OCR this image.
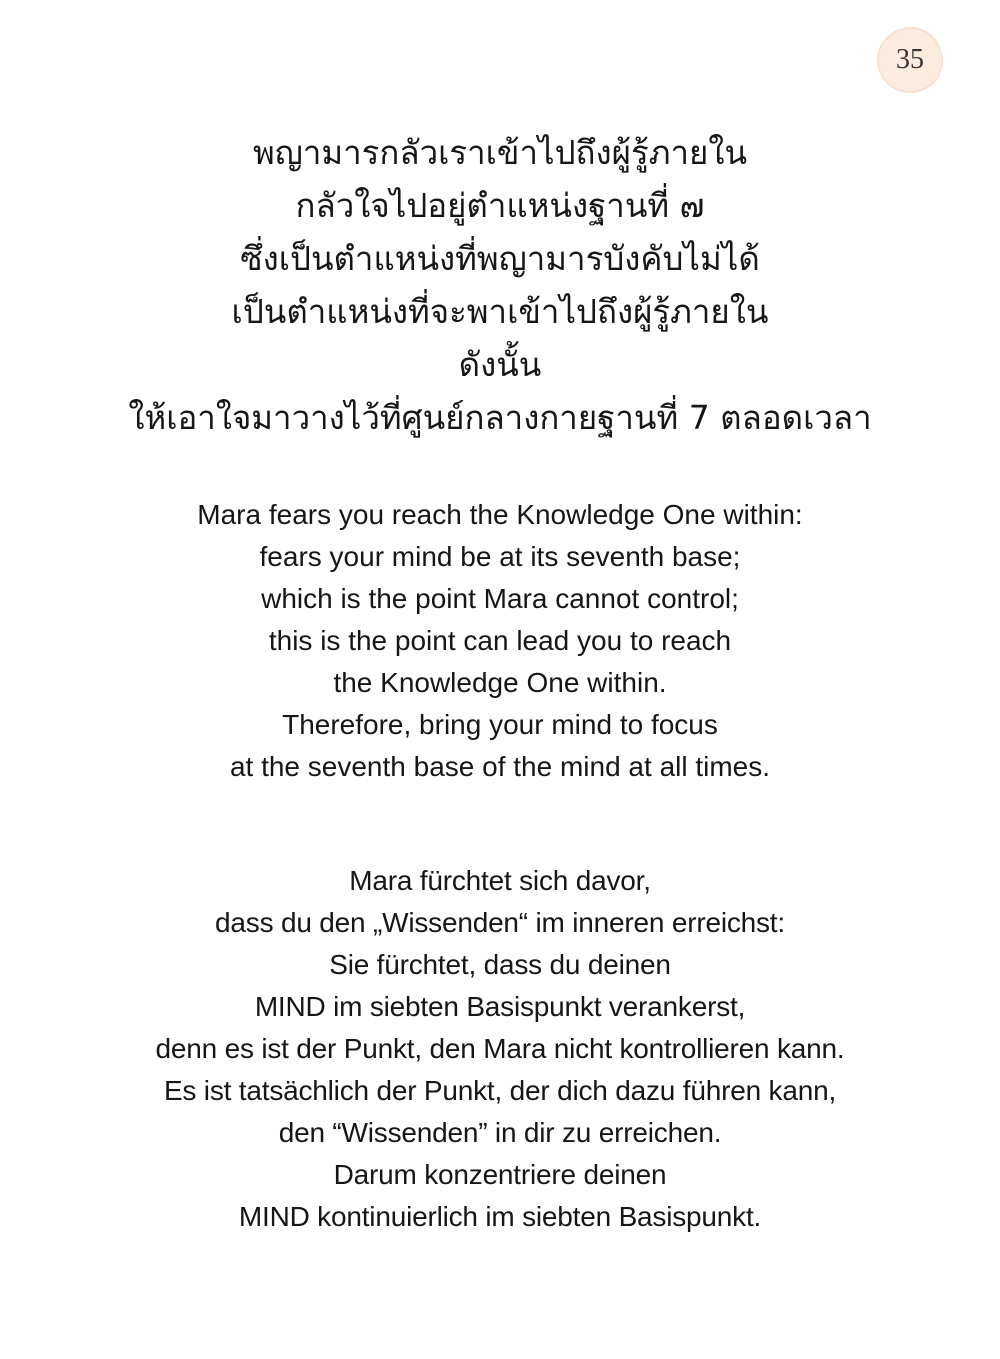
35
พญามารกลัวเราเข้าไปถึงผู้รู้ภายใน
กลัวใจไปอยู่ตำแหน่งฐานที่ ๗
ซึ่งเป็นตำแหน่งที่พญามารบังคับไม่ได้
เป็นตำแหน่งที่จะพาเข้าไปถึงผู้รู้ภายใน
ดังนั้น
ให้เอาใจมาวางไว้ที่ศูนย์กลางกายฐานที่ 7 ตลอดเวลา
Mara fears you reach the Knowledge One within:
fears your mind be at its seventh base;
which is the point Mara cannot control;
this is the point can lead you to reach
the Knowledge One within.
Therefore, bring your mind to focus
at the seventh base of the mind at all times.
Mara fürchtet sich davor,
dass du den „Wissenden“ im inneren erreichst:
Sie fürchtet, dass du deinen
MIND im siebten Basispunkt verankerst,
denn es ist der Punkt, den Mara nicht kontrollieren kann.
Es ist tatsächlich der Punkt, der dich dazu führen kann,
den “Wissenden” in dir zu erreichen.
Darum konzentriere deinen
MIND kontinuierlich im siebten Basispunkt.
